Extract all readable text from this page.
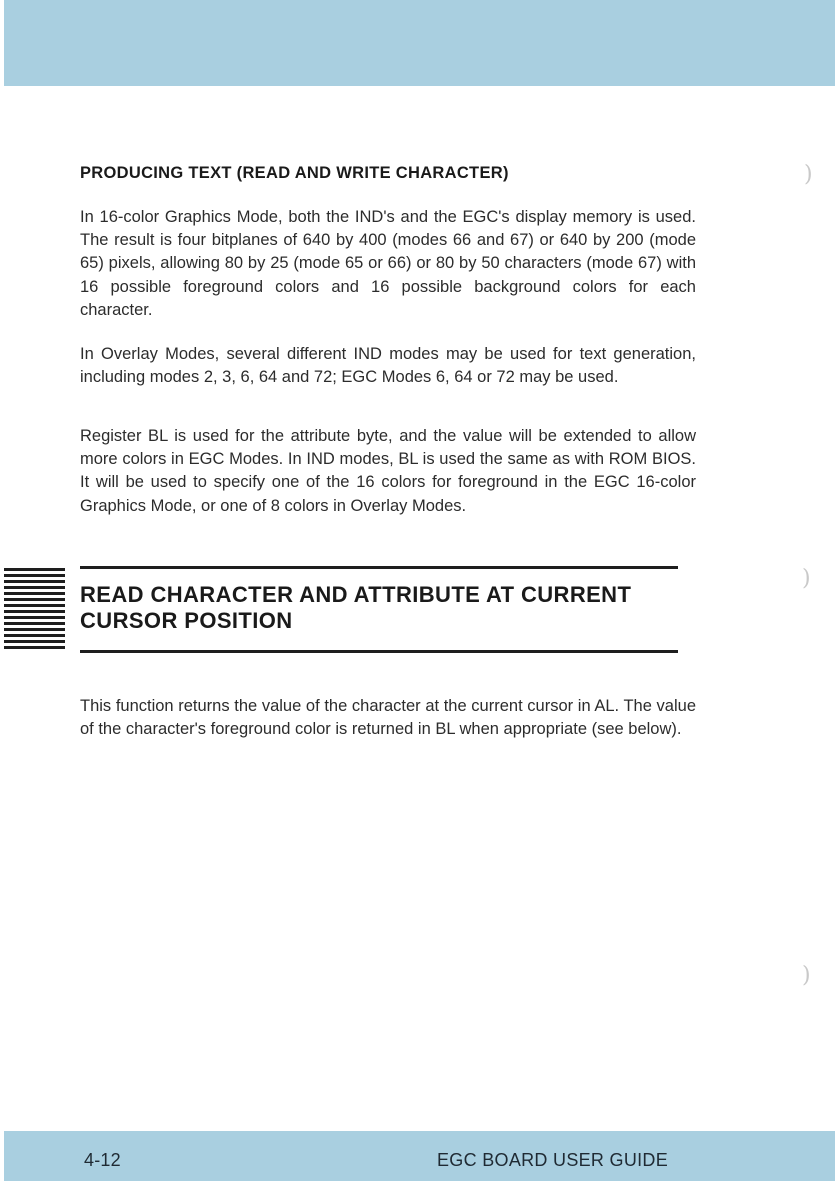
PRODUCING TEXT (READ AND WRITE CHARACTER)

In 16-color Graphics Mode, both the IND's and the EGC's display memory is used. The result is four bitplanes of 640 by 400 (modes 66 and 67) or 640 by 200 (mode 65) pixels, allowing 80 by 25 (mode 65 or 66) or 80 by 50 characters (mode 67) with 16 possible foreground colors and 16 possible background colors for each character.

In Overlay Modes, several different IND modes may be used for text generation, including modes 2, 3, 6, 64 and 72; EGC Modes 6, 64 or 72 may be used.

Register BL is used for the attribute byte, and the value will be extended to allow more colors in EGC Modes. In IND modes, BL is used the same as with ROM BIOS. It will be used to specify one of the 16 colors for foreground in the EGC 16-color Graphics Mode, or one of 8 colors in Overlay Modes.

READ CHARACTER AND ATTRIBUTE AT CURRENT
CURSOR POSITION

This function returns the value of the character at the current cursor in AL. The value of the character's foreground color is returned in BL when appropriate (see below).

)
)
)
4-12	EGC BOARD USER GUIDE
